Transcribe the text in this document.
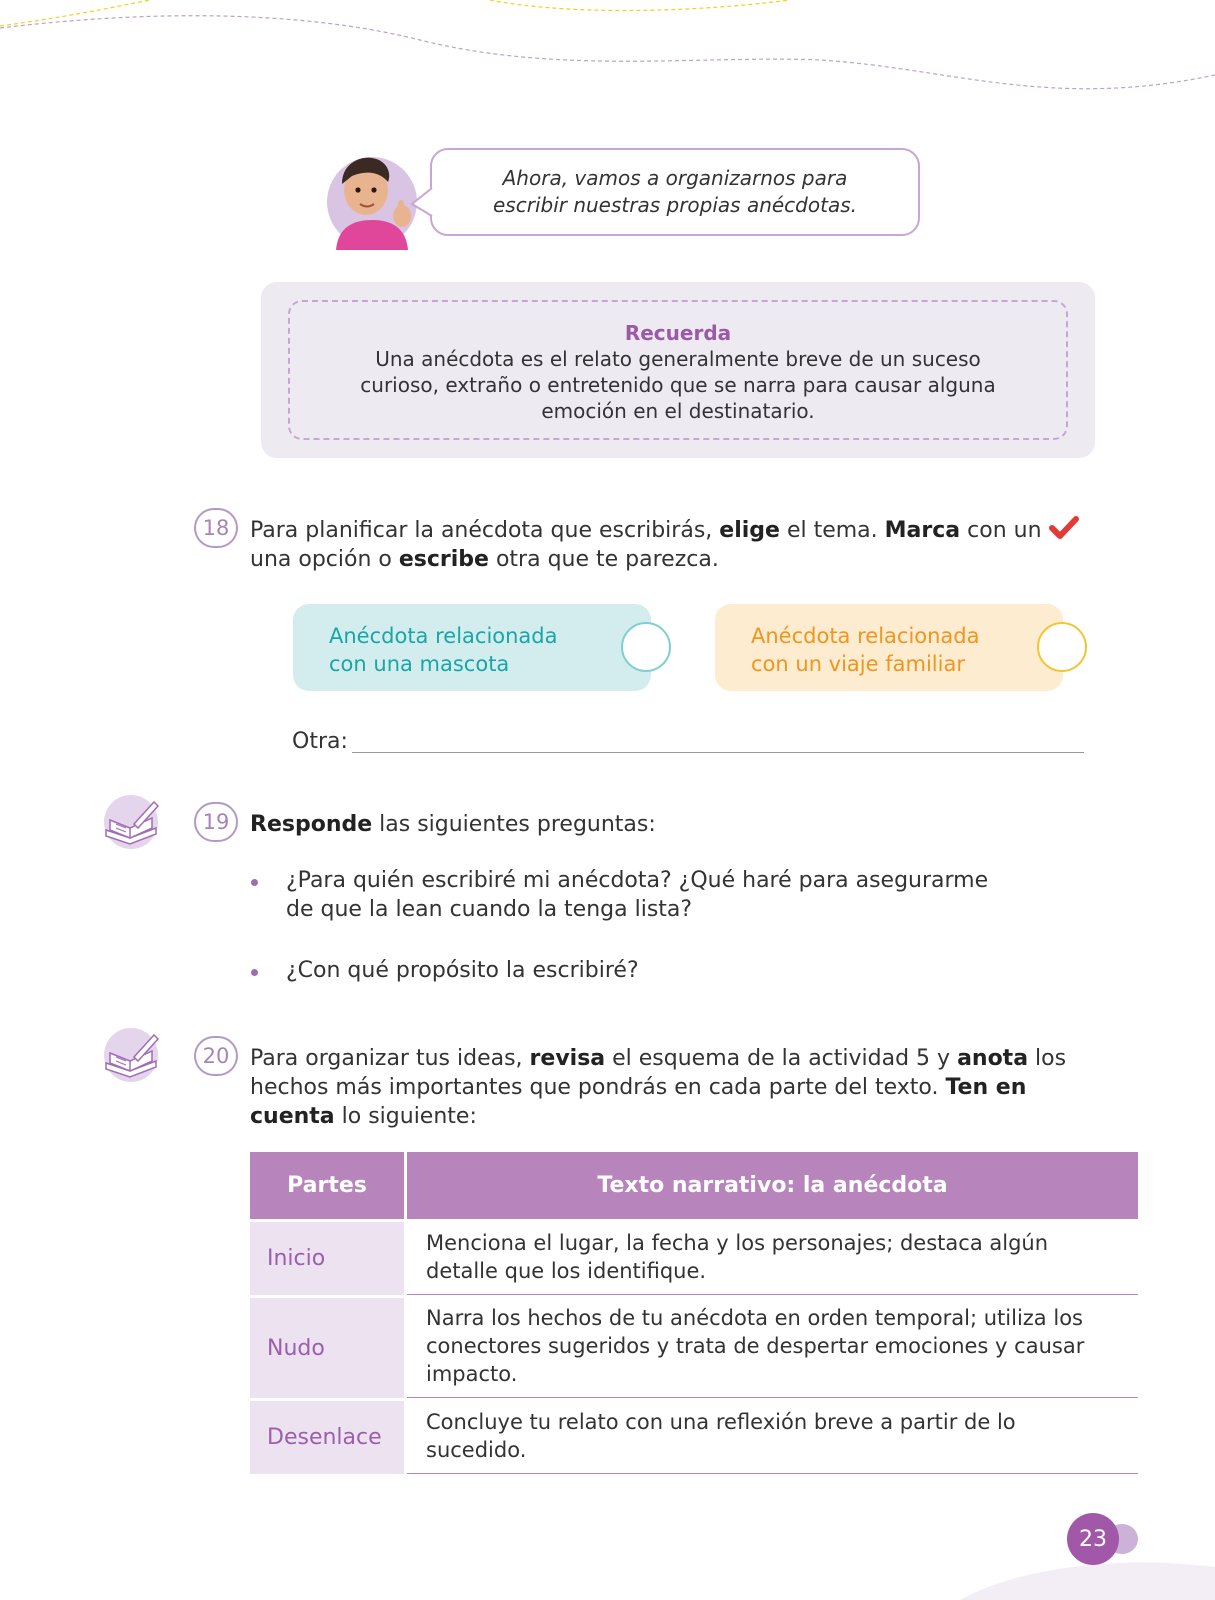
Ahora, vamos a organizarnos para
escribir nuestras propias anécdotas.
Recuerda
Una anécdota es el relato generalmente breve de un suceso curioso, extraño o entretenido que se narra para causar alguna emoción en el destinatario.
18 Para planificar la anécdota que escribirás, elige el tema. Marca con un
una opción o escribe otra que te parezca.
Anécdota relacionada
con una mascota
Anécdota relacionada
con un viaje familiar
Otra:
19 Responde las siguientes preguntas:
¿Para quién escribiré mi anécdota? ¿Qué haré para asegurarme
de que la lean cuando la tenga lista?
¿Con qué propósito la escribiré?
20 Para organizar tus ideas, revisa el esquema de la actividad 5 y anota los
hechos más importantes que pondrás en cada parte del texto. Ten en
cuenta lo siguiente:
Partes	Texto narrativo: la anécdota
Inicio	Menciona el lugar, la fecha y los personajes; destaca algún detalle que los identifique.
Nudo	Narra los hechos de tu anécdota en orden temporal; utiliza los conectores sugeridos y trata de despertar emociones y causar impacto.
Desenlace	Concluye tu relato con una reflexión breve a partir de lo sucedido.
23
